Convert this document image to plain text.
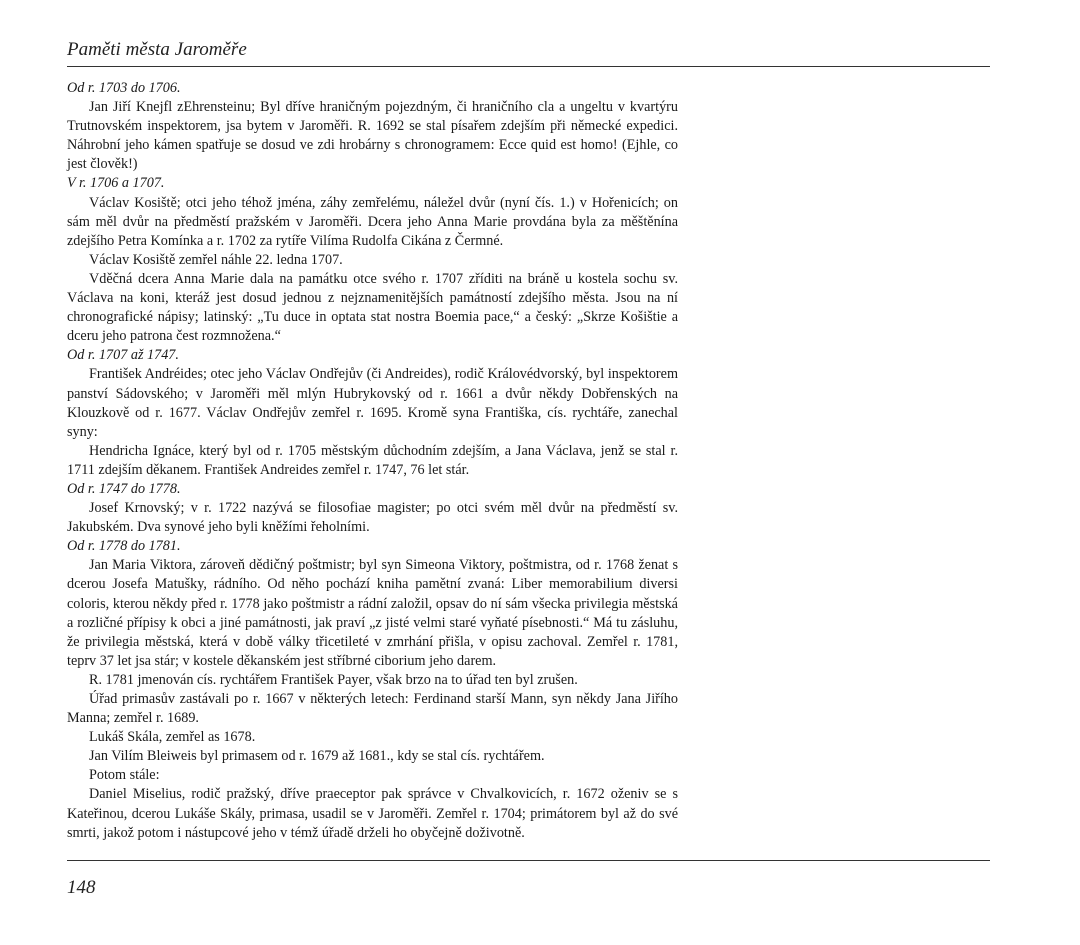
Paměti města Jaroměře

Od r. 1703 do 1706.

Jan Jiří Knejfl zEhrensteinu; Byl dříve hraničným pojezdným, či hraničního cla a ungeltu v kvartýru Trutnovském inspektorem, jsa bytem v Jaroměři. R. 1692 se stal písařem zdejším při německé expedici. Náhrobní jeho kámen spatřuje se dosud ve zdi hrobárny s chronogramem: Ecce quid est homo! (Ejhle, co jest člověk!)

V r. 1706 a 1707.

Václav Kosiště; otci jeho téhož jména, záhy zemřelému, náležel dvůr (nyní čís. 1.) v Hořenicích; on sám měl dvůr na předměstí pražském v Jaroměři. Dcera jeho Anna Marie provdána byla za měštěnína zdejšího Petra Komínka a r. 1702 za rytíře Vilíma Rudolfa Cikána z Čermné.

Václav Kosiště zemřel náhle 22. ledna 1707.

Vděčná dcera Anna Marie dala na památku otce svého r. 1707 zříditi na bráně u kostela sochu sv. Václava na koni, kteráž jest dosud jednou z nejznamenitějších památností zdejšího města. Jsou na ní chronografické nápisy; latinský: „Tu duce in optata stat nostra Boemia pace,“ a český: „Skrze Košištie a dceru jeho patrona čest rozmnožena.“

Od r. 1707 až 1747.

František Andréides; otec jeho Václav Ondřejův (či Andreides), rodič Královédvorský, byl inspektorem panství Sádovského; v Jaroměři měl mlýn Hubrykovský od r. 1661 a dvůr někdy Dobřenských na Klouzkově od r. 1677. Václav Ondřejův zemřel r. 1695. Kromě syna Františka, cís. rychtáře, zanechal syny:

Hendricha Ignáce, který byl od r. 1705 městským důchodním zdejším, a Jana Václava, jenž se stal r. 1711 zdejším děkanem. František Andreides zemřel r. 1747, 76 let stár.

Od r. 1747 do 1778.

Josef Krnovský; v r. 1722 nazývá se filosofiae magister; po otci svém měl dvůr na předměstí sv. Jakubském. Dva synové jeho byli kněžími řeholními.

Od r. 1778 do 1781.

Jan Maria Viktora, zároveň dědičný poštmistr; byl syn Simeona Viktory, poštmistra, od r. 1768 ženat s dcerou Josefa Matušky, rádního. Od něho pochází kniha pamětní zvaná: Liber memorabilium diversi coloris, kterou někdy před r. 1778 jako poštmistr a rádní založil, opsav do ní sám všecka privilegia městská a rozličné přípisy k obci a jiné památnosti, jak praví „z jisté velmi staré vyňaté písebnosti.“ Má tu zásluhu, že privilegia městská, která v době války třicetileté v zmrhání přišla, v opisu zachoval. Zemřel r. 1781, teprv 37 let jsa stár; v kostele děkanském jest stříbrné ciborium jeho darem.

R. 1781 jmenován cís. rychtářem František Payer, však brzo na to úřad ten byl zrušen.

Úřad primasův zastávali po r. 1667 v některých letech: Ferdinand starší Mann, syn někdy Jana Jiřího Manna; zemřel r. 1689.

Lukáš Skála, zemřel as 1678.

Jan Vilím Bleiweis byl primasem od r. 1679 až 1681., kdy se stal cís. rychtářem.

Potom stále:

Daniel Miselius, rodič pražský, dříve praeceptor pak správce v Chvalkovicích, r. 1672 oženiv se s Kateřinou, dcerou Lukáše Skály, primasa, usadil se v Jaroměři. Zemřel r. 1704; primátorem byl až do své smrti, jakož potom i nástupcové jeho v témž úřadě drželi ho obyčejně doživotně.

148
